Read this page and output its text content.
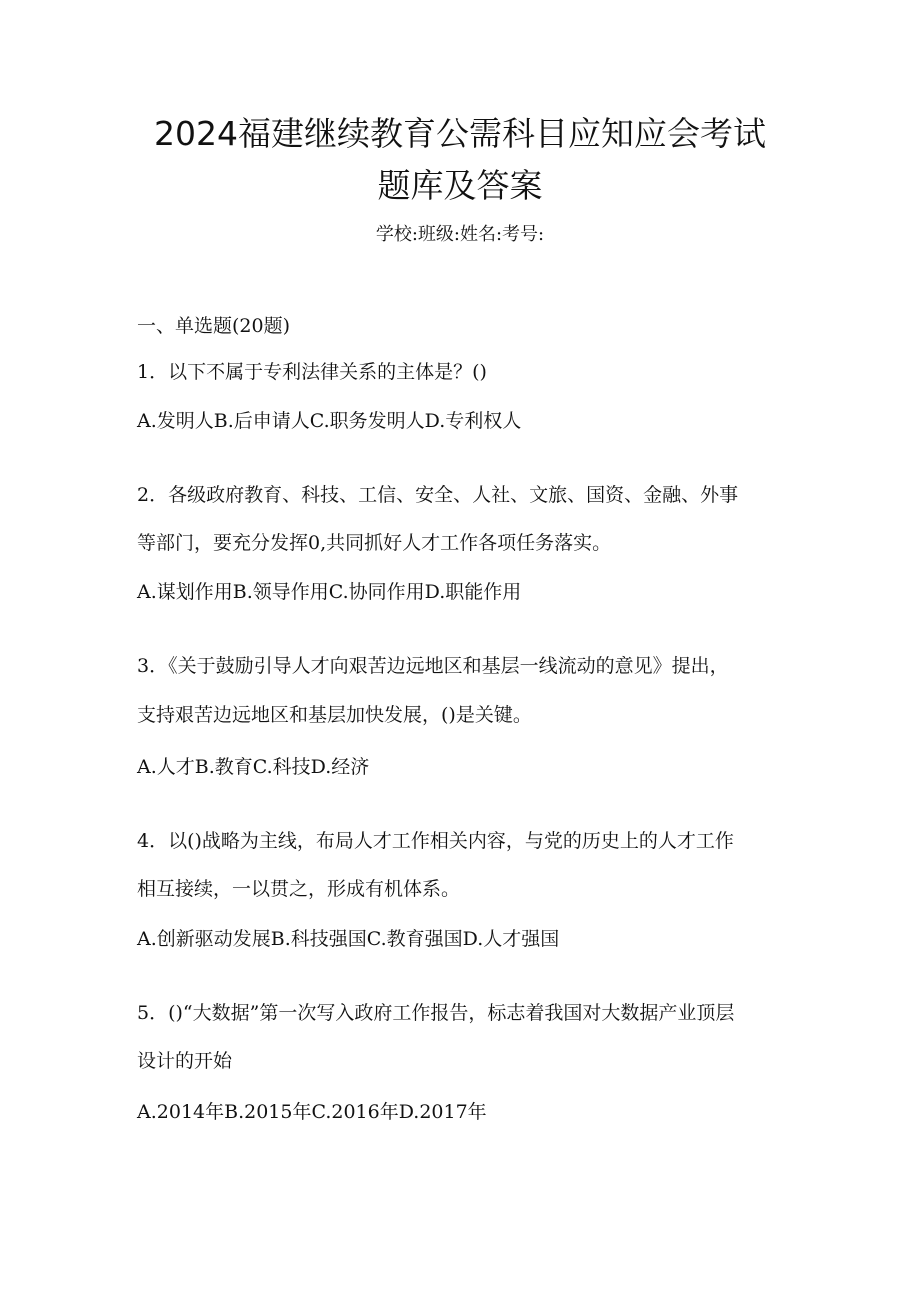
2024福建继续教育公需科目应知应会考试
题库及答案
学校:班级:姓名:考号:
一、单选题(20题)
1．以下不属于专利法律关系的主体是？()
A.发明人B.后申请人C.职务发明人D.专利权人
2．各级政府教育、科技、工信、安全、人社、文旅、国资、金融、外事
等部门，要充分发挥0,共同抓好人才工作各项任务落实。
A.谋划作用B.领导作用C.协同作用D.职能作用
3．《关于鼓励引导人才向艰苦边远地区和基层一线流动的意见》提出，
支持艰苦边远地区和基层加快发展，()是关键。
A.人才B.教育C.科技D.经济
4．以()战略为主线，布局人才工作相关内容，与党的历史上的人才工作
相互接续，一以贯之，形成有机体系。
A.创新驱动发展B.科技强国C.教育强国D.人才强国
5．()“大数据”第一次写入政府工作报告，标志着我国对大数据产业顶层
设计的开始
A.2014年B.2015年C.2016年D.2017年
